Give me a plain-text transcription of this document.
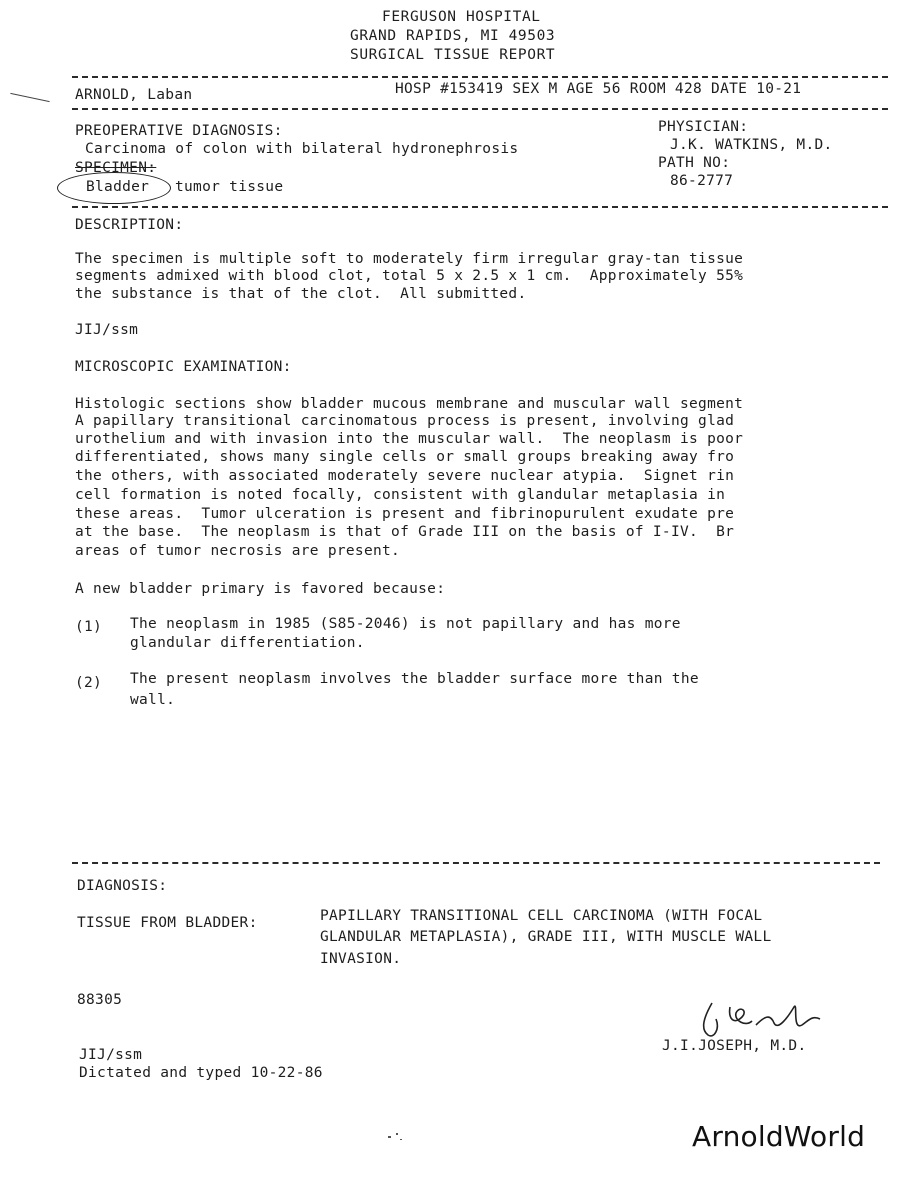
FERGUSON HOSPITAL
GRAND RAPIDS, MI 49503
SURGICAL TISSUE REPORT
ARNOLD, Laban	HOSP #153419 SEX M AGE 56 ROOM 428 DATE 10-21
PREOPERATIVE DIAGNOSIS:
Carcinoma of colon with bilateral hydronephrosis
SPECIMEN:
Bladder tumor tissue
PHYSICIAN:
J.K. WATKINS, M.D.
PATH NO:
86-2777
DESCRIPTION:
The specimen is multiple soft to moderately firm irregular gray-tan tissue
segments admixed with blood clot, total 5 x 2.5 x 1 cm.  Approximately 55%
the substance is that of the clot.  All submitted.
JIJ/ssm
MICROSCOPIC EXAMINATION:
Histologic sections show bladder mucous membrane and muscular wall segment
A papillary transitional carcinomatous process is present, involving glad
urothelium and with invasion into the muscular wall.  The neoplasm is poor
differentiated, shows many single cells or small groups breaking away fro
the others, with associated moderately severe nuclear atypia.  Signet rin
cell formation is noted focally, consistent with glandular metaplasia in
these areas.  Tumor ulceration is present and fibrinopurulent exudate pre
at the base.  The neoplasm is that of Grade III on the basis of I-IV.  Br
areas of tumor necrosis are present.
A new bladder primary is favored because:
(1) The neoplasm in 1985 (S85-2046) is not papillary and has more
glandular differentiation.
(2) The present neoplasm involves the bladder surface more than the
wall.
DIAGNOSIS:
TISSUE FROM BLADDER:	PAPILLARY TRANSITIONAL CELL CARCINOMA (WITH FOCAL
GLANDULAR METAPLASIA), GRADE III, WITH MUSCLE WALL
INVASION.
88305
J.I.JOSEPH, M.D.
JIJ/ssm
Dictated and typed 10-22-86
ArnoldWorld
ArnoldWorld
ArnoldWorld
